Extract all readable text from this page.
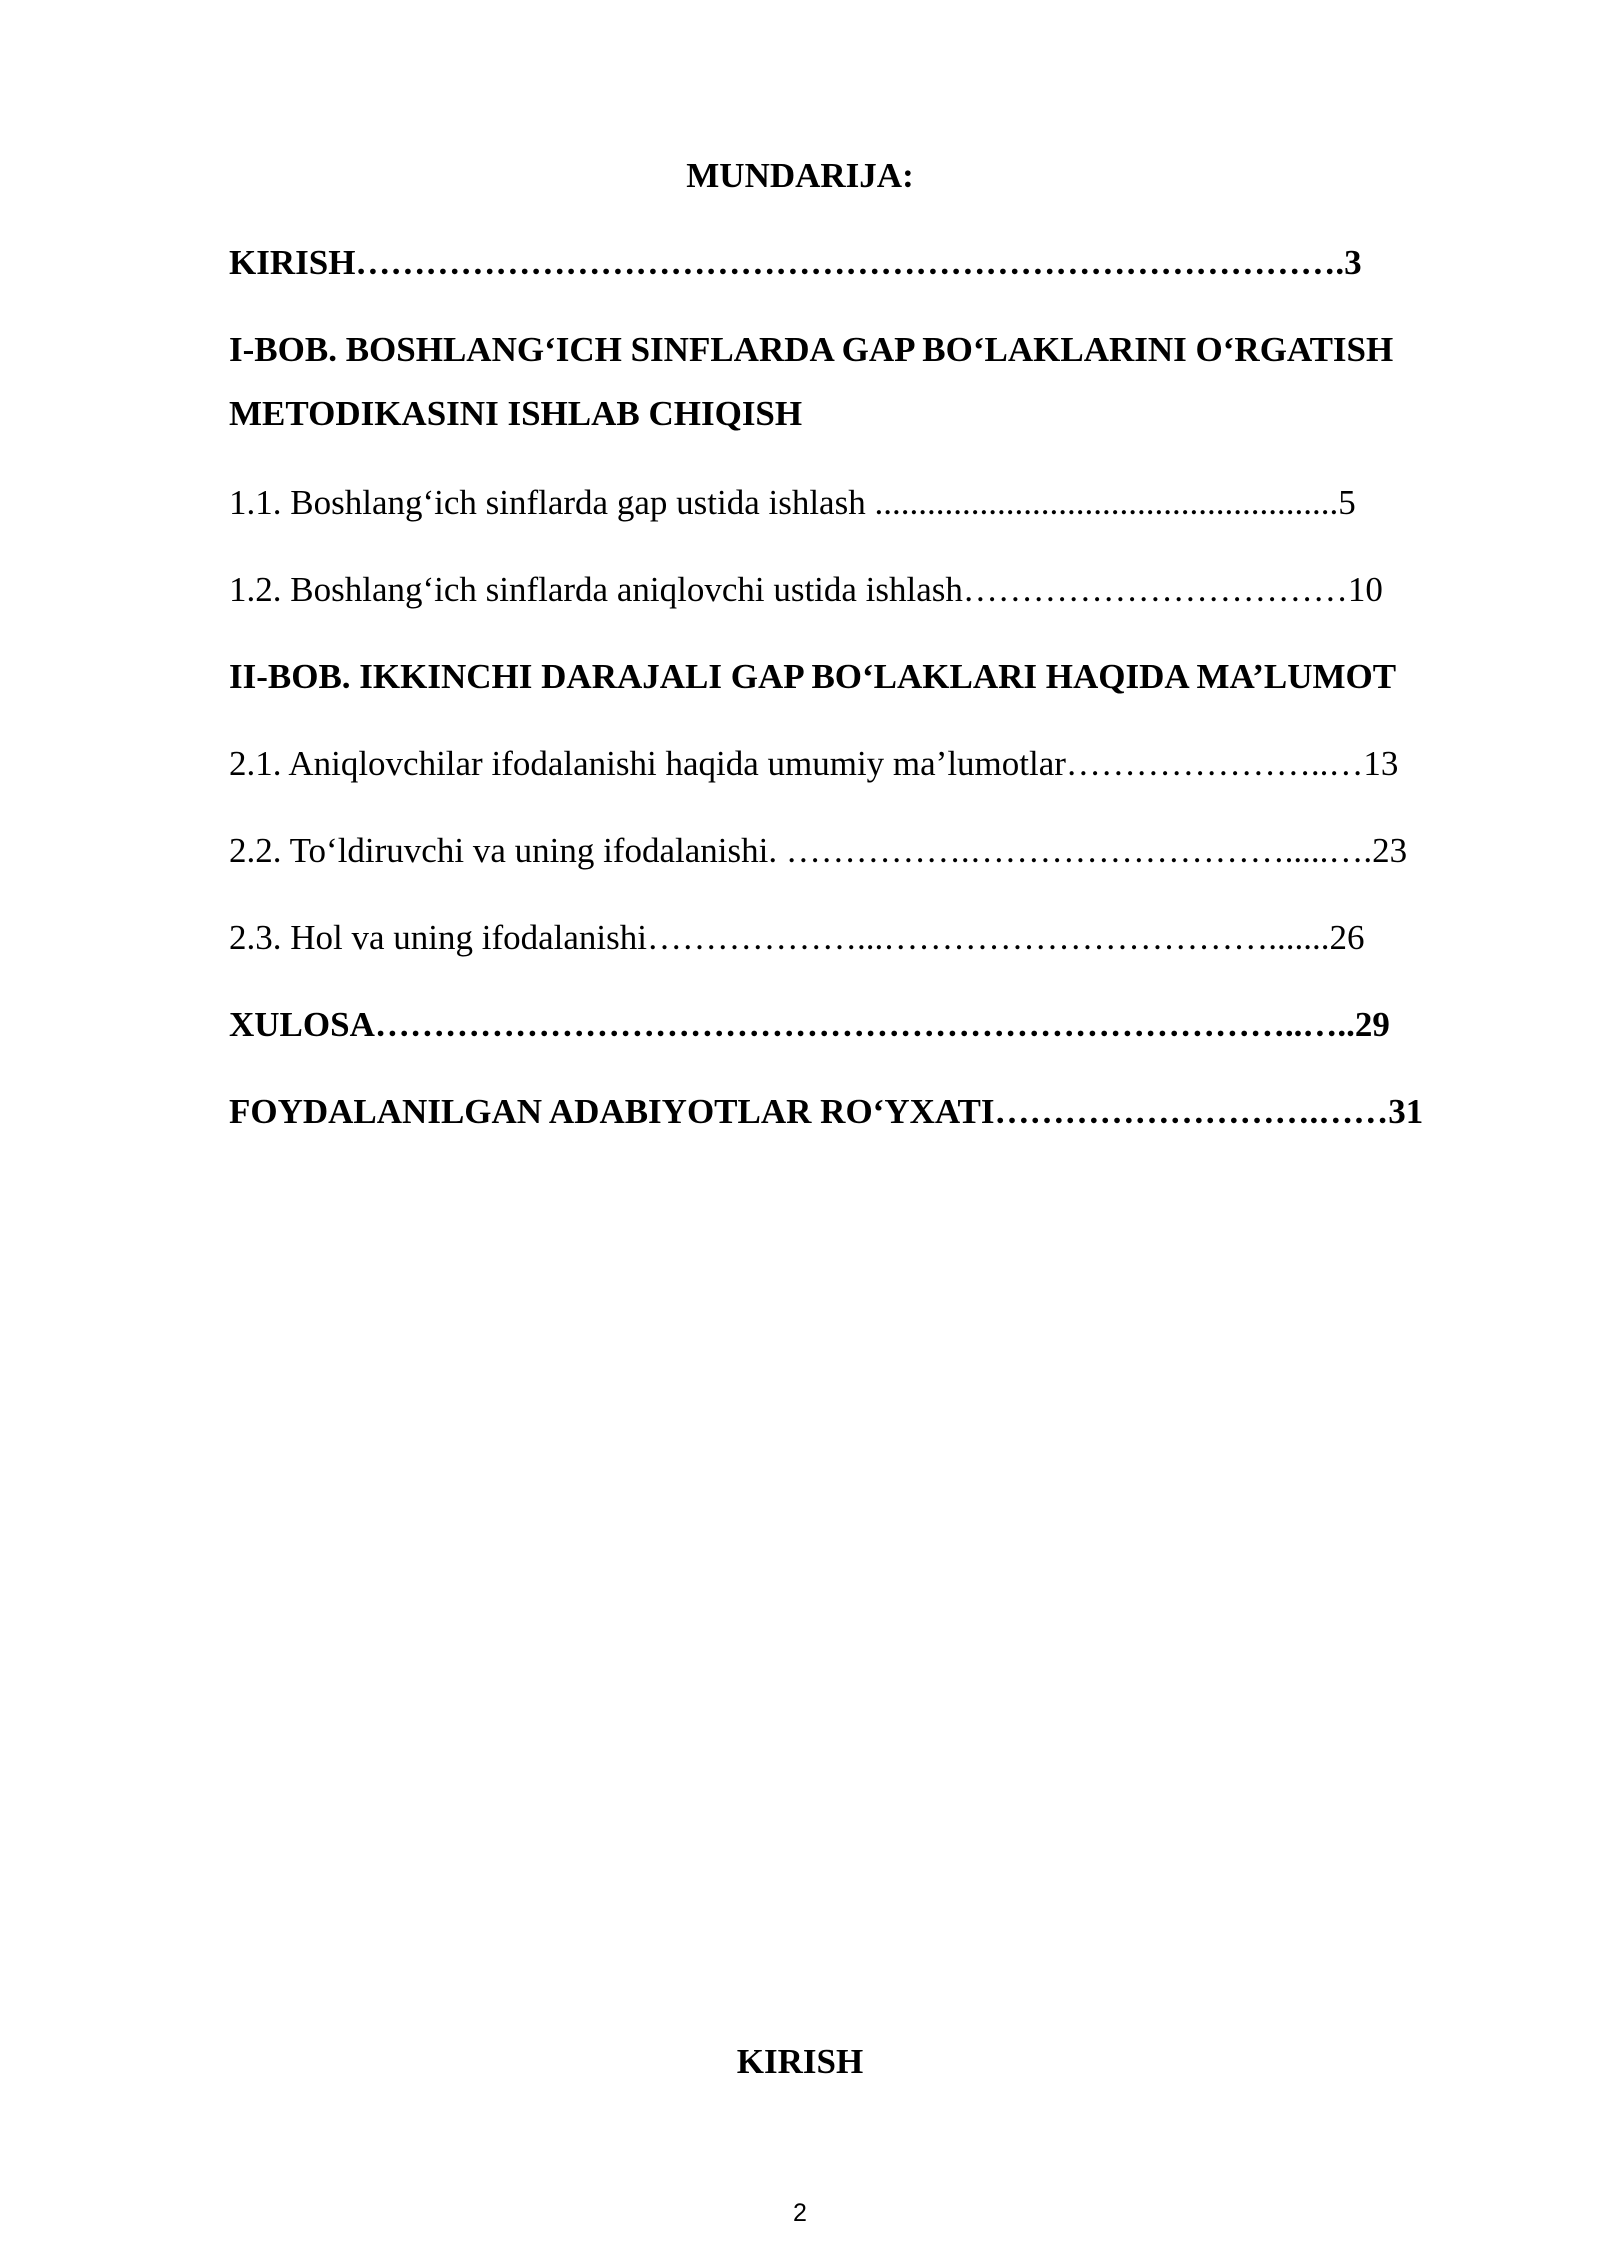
MUNDARIJA:
KIRISH………………………………………………………………………….3
I-BOB. BOSHLANG‘ICH SINFLARDA GAP BO‘LAKLARINI O‘RGATISH
METODIKASINI ISHLAB CHIQISH
1.1. Boshlang‘ich sinflarda gap ustida ishlash .....................................................5
1.2. Boshlang‘ich sinflarda aniqlovchi ustida ishlash……………………………10
II-BOB. IKKINCHI DARAJALI GAP BO‘LAKLARI HAQIDA MA’LUMOT
2.1. Aniqlovchilar ifodalanishi haqida umumiy ma’lumotlar…………………..…13
2.2. To‘ldiruvchi va uning ifodalanishi. …………….……………………….....….23
2.3. Hol va uning ifodalanishi………………...…………………………….......26
XULOSA……………………………………………………………………..…..29
FOYDALANILGAN ADABIYOTLAR RO‘YXATI……………………….……31
KIRISH
2
